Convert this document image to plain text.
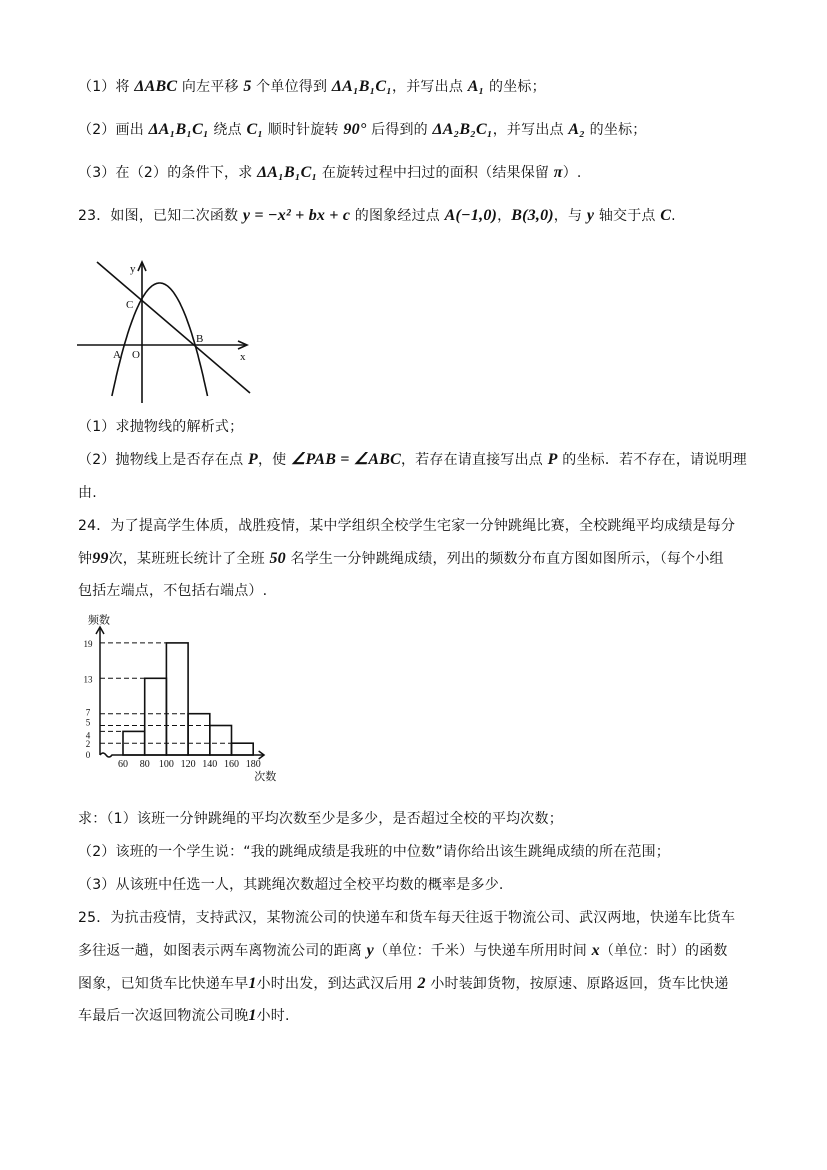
（1）将 ΔABC 向左平移 5 个单位得到 ΔA₁B₁C₁，并写出点 A₁ 的坐标；
（2）画出 ΔA₁B₁C₁ 绕点 C₁ 顺时针旋转 90° 后得到的 ΔA₂B₂C₁，并写出点 A₂ 的坐标；
（3）在（2）的条件下，求 ΔA₁B₁C₁ 在旋转过程中扫过的面积（结果保留 π）.
23．如图，已知二次函数 y = −x² + bx + c 的图象经过点 A(−1,0)，B(3,0)，与 y 轴交于点 C.
（1）求抛物线的解析式；
（2）抛物线上是否存在点 P，使 ∠PAB = ∠ABC，若存在请直接写出点 P 的坐标．若不存在，请说明理
由.
24．为了提高学生体质，战胜疫情，某中学组织全校学生宅家一分钟跳绳比赛，全校跳绳平均成绩是每分
钟99次，某班班长统计了全班 50 名学生一分钟跳绳成绩，列出的频数分布直方图如图所示，（每个小组
包括左端点，不包括右端点）.
求：（1）该班一分钟跳绳的平均次数至少是多少，是否超过全校的平均次数；
（2）该班的一个学生说：“我的跳绳成绩是我班的中位数”请你给出该生跳绳成绩的所在范围；
（3）从该班中任选一人，其跳绳次数超过全校平均数的概率是多少.
25．为抗击疫情，支持武汉，某物流公司的快递车和货车每天往返于物流公司、武汉两地，快递车比货车
多往返一趟，如图表示两车离物流公司的距离 y（单位：千米）与快递车所用时间 x（单位：时）的函数
图象，已知货车比快递车早1小时出发，到达武汉后用 2 小时装卸货物，按原速、原路返回，货车比快递
车最后一次返回物流公司晚1小时.
y
x
C
B
A O
0
2
4
5
7
13
19
60 80 100 120 140 160 180
频数
次数
